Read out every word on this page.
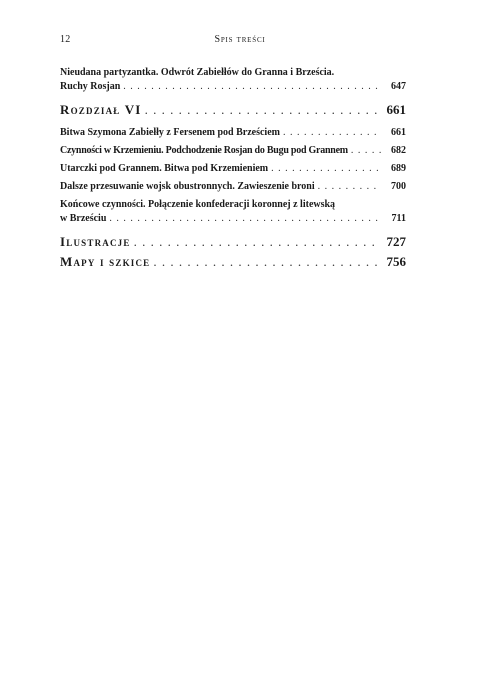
12	Spis treści
Nieudana partyzantka. Odwrót Zabiełłów do Granna i Brześcia.
Ruchy Rosjan . . .	647
Rozdział VI . . .	661
Bitwa Szymona Zabiełły z Fersenem pod Brześciem . . .	661
Czynności w Krzemieniu. Podchodzenie Rosjan do Bugu pod Grannem . . .	682
Utarczki pod Grannem. Bitwa pod Krzemieniem . . .	689
Dalsze przesuwanie wojsk obustronnych. Zawieszenie broni . . .	700
Końcowe czynności. Połączenie konfederacji koronnej z litewską
w Brześciu . . .	711
Ilustracje . . .	727
Mapy i szkice . . .	756
